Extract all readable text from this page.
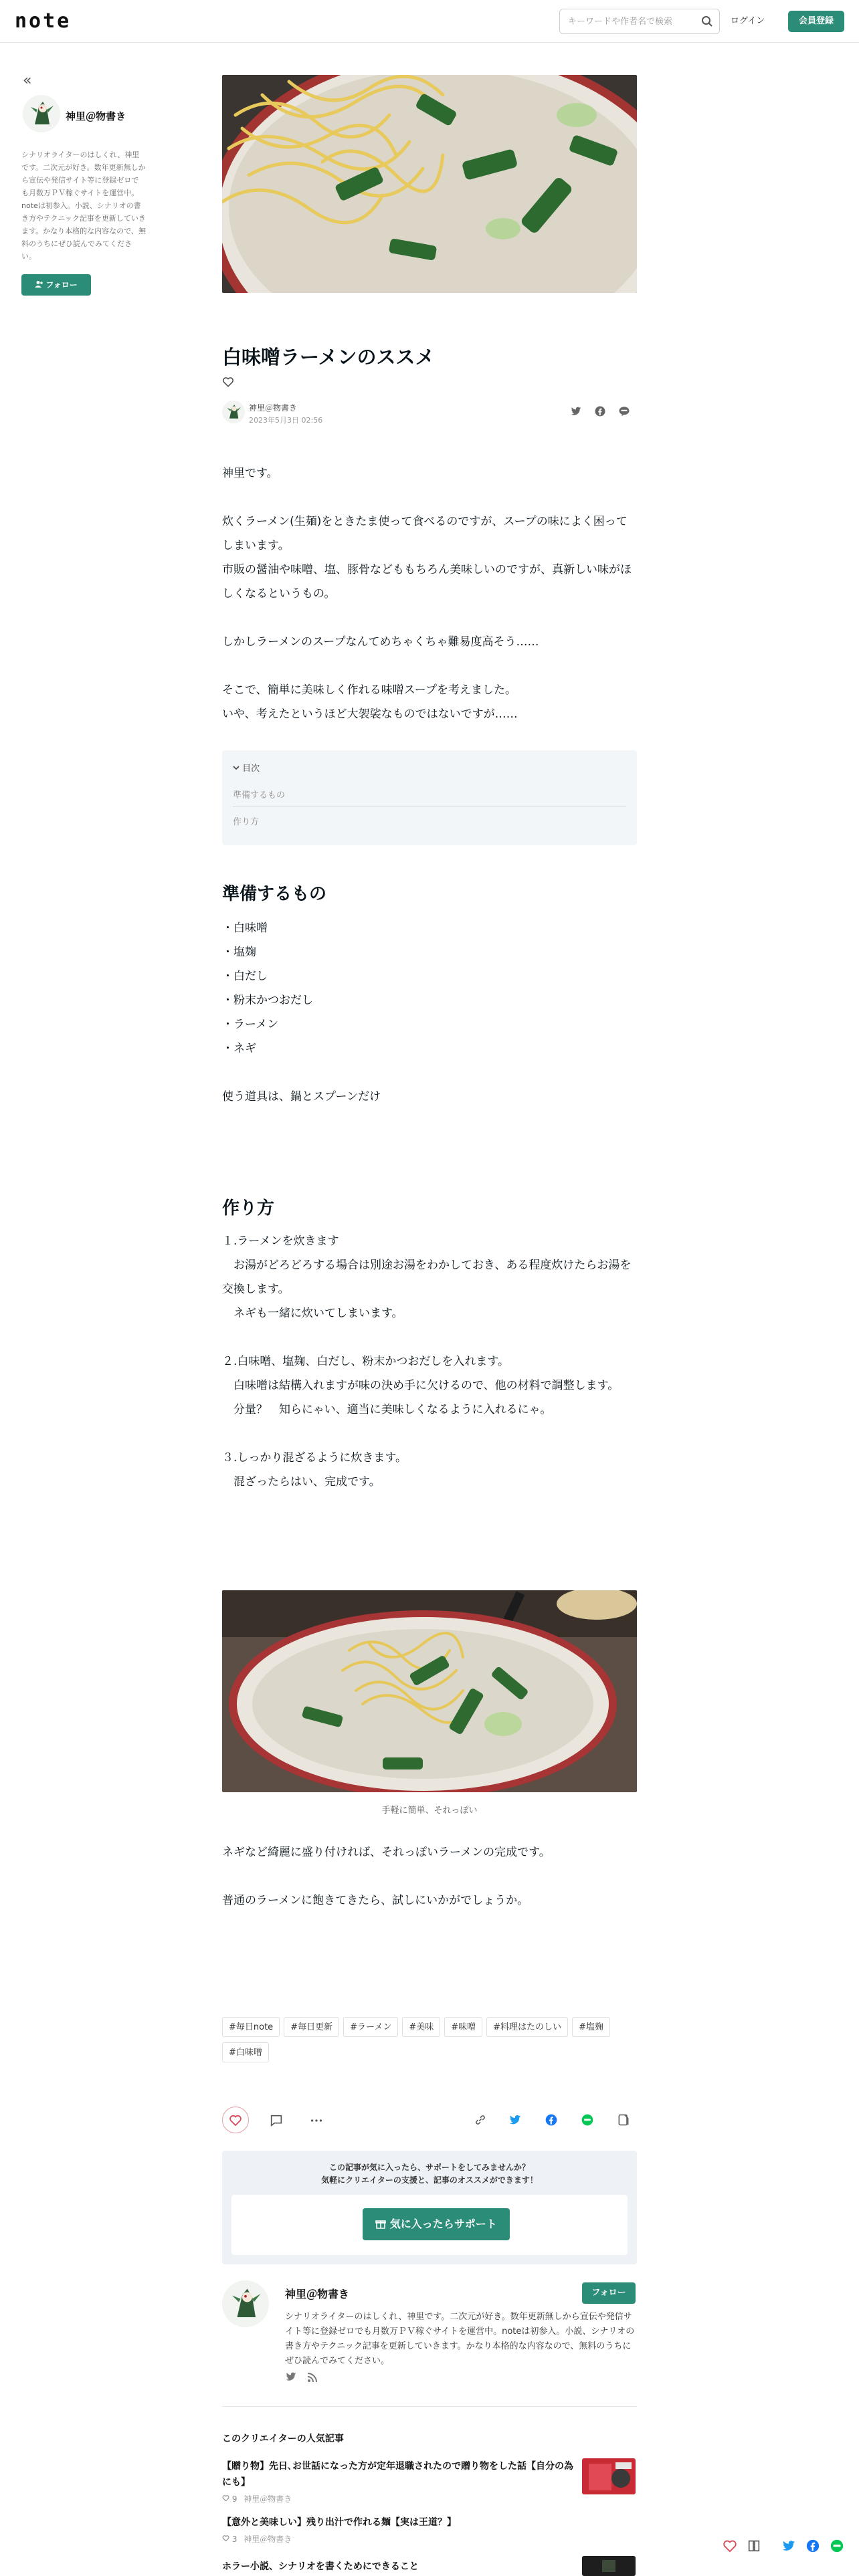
note
キーワードや作者名で検索	ログイン	会員登録
«
神里＠物書き
シナリオライターのはしくれ、神里です。二次元が好き。数年更新無しから宣伝や発信サイト等に登録ゼロでも月数万ＰＶ稼ぐサイトを運営中。noteは初参入。小説、シナリオの書き方やテクニック記事を更新していきます。かなり本格的な内容なので、無料のうちにぜひ読んでみてください。
フォロー
白味噌ラーメンのススメ
神里＠物書き
2023年5月3日 02:56

神里です。

炊くラーメン(生麺)をときたま使って食べるのですが、スープの味によく困ってしまいます。

市販の醤油や味噌、塩、豚骨などももちろん美味しいのですが、真新しい味がほしくなるというもの。

しかしラーメンのスープなんてめちゃくちゃ難易度高そう……

そこで、簡単に美味しく作れる味噌スープを考えました。

いや、考えたというほど大袈裟なものではないですが……

目次
準備するもの
作り方
準備するもの

・白味噌

・塩麹

・白だし

・粉末かつおだし

・ラーメン

・ネギ

使う道具は、鍋とスプーンだけ

作り方

１.ラーメンを炊きます

　お湯がどろどろする場合は別途お湯をわかしておき、ある程度炊けたらお湯を交換します。

　ネギも一緒に炊いてしまいます。

２.白味噌、塩麹、白だし、粉末かつおだしを入れます。

　白味噌は結構入れますが味の決め手に欠けるので、他の材料で調整します。

　分量？　知らにゃい、適当に美味しくなるように入れるにゃ。

３.しっかり混ざるように炊きます。

　混ざったらはい、完成です。

手軽に簡単、それっぽい

ネギなど綺麗に盛り付ければ、それっぽいラーメンの完成です。

普通のラーメンに飽きてきたら、試しにいかがでしょうか。

#毎日note #毎日更新 #ラーメン #美味 #味噌 #料理はたのしい #塩麹
#白味噌
この記事が気に入ったら、サポートをしてみませんか？
気軽にクリエイターの支援と、記事のオススメができます！
気に入ったらサポート
神里＠物書き	フォロー
シナリオライターのはしくれ、神里です。二次元が好き。数年更新無しから宣伝や発信サイト等に登録ゼロでも月数万ＰＶ稼ぐサイトを運営中。noteは初参入。小説、シナリオの書き方やテクニック記事を更新していきます。かなり本格的な内容なので、無料のうちにぜひ読んでみてください。

このクリエイターの人気記事
【贈り物】先日､お世話になった方が定年退職されたので贈り物をした話【自分の為にも】
9 神里＠物書き
【意外と美味しい】残り出汁で作れる麺【実は王道？】
3 神里＠物書き
ホラー小説、シナリオを書くためにできること
